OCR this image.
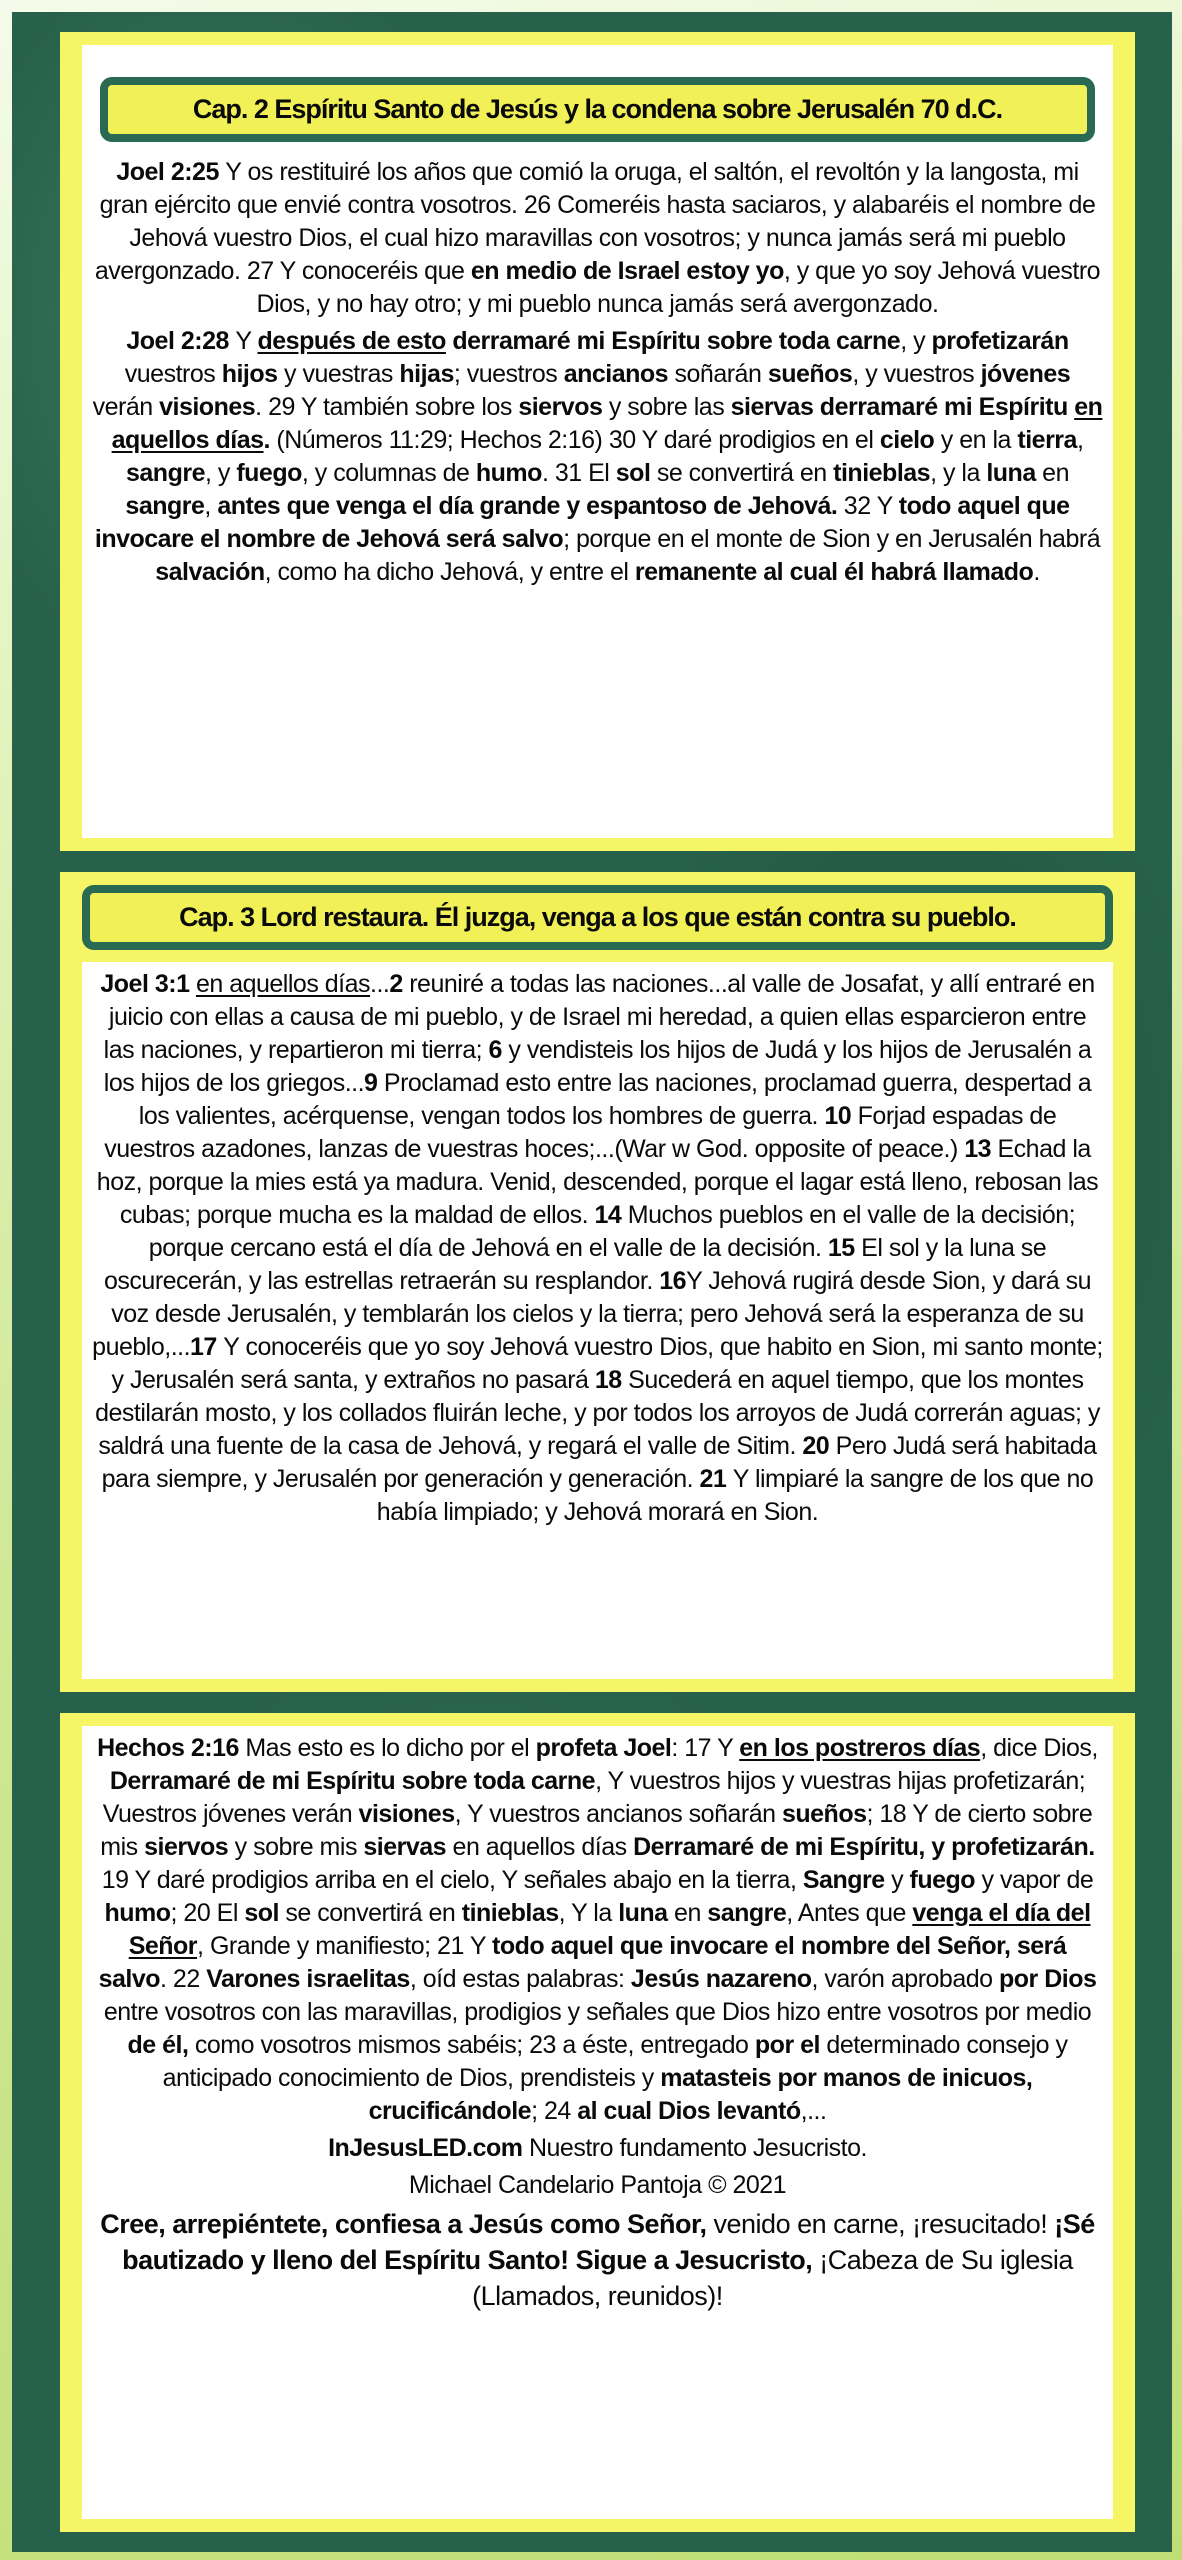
Cap. 2 Espíritu Santo de Jesús y la condena sobre Jerusalén 70 d.C.

Joel 2:25 Y os restituiré los años que comió la oruga, el saltón, el revoltón y la langosta, mi gran ejército que envié contra vosotros. 26 Comeréis hasta saciaros, y alabaréis el nombre de Jehová vuestro Dios, el cual hizo maravillas con vosotros; y nunca jamás será mi pueblo avergonzado. 27 Y conoceréis que en medio de Israel estoy yo, y que yo soy Jehová vuestro Dios, y no hay otro; y mi pueblo nunca jamás será avergonzado.

Joel 2:28 Y después de esto derramaré mi Espíritu sobre toda carne, y profetizarán vuestros hijos y vuestras hijas; vuestros ancianos soñarán sueños, y vuestros jóvenes verán visiones. 29 Y también sobre los siervos y sobre las siervas derramaré mi Espíritu en aquellos días. (Números 11:29; Hechos 2:16) 30 Y daré prodigios en el cielo y en la tierra, sangre, y fuego, y columnas de humo. 31 El sol se convertirá en tinieblas, y la luna en sangre, antes que venga el día grande y espantoso de Jehová. 32 Y todo aquel que invocare el nombre de Jehová será salvo; porque en el monte de Sion y en Jerusalén habrá salvación, como ha dicho Jehová, y entre el remanente al cual él habrá llamado.

Cap. 3 Lord restaura. Él juzga, venga a los que están contra su pueblo.

Joel 3:1 en aquellos días...2 reuniré a todas las naciones...al valle de Josafat, y allí entraré en juicio con ellas a causa de mi pueblo, y de Israel mi heredad, a quien ellas esparcieron entre las naciones, y repartieron mi tierra; 6 y vendisteis los hijos de Judá y los hijos de Jerusalén a los hijos de los griegos...9 Proclamad esto entre las naciones, proclamad guerra, despertad a los valientes, acérquense, vengan todos los hombres de guerra. 10 Forjad espadas de vuestros azadones, lanzas de vuestras hoces;...(War w God. opposite of peace.) 13 Echad la hoz, porque la mies está ya madura. Venid, descended, porque el lagar está lleno, rebosan las cubas; porque mucha es la maldad de ellos. 14 Muchos pueblos en el valle de la decisión; porque cercano está el día de Jehová en el valle de la decisión. 15 El sol y la luna se oscurecerán, y las estrellas retraerán su resplandor. 16Y Jehová rugirá desde Sion, y dará su voz desde Jerusalén, y temblarán los cielos y la tierra; pero Jehová será la esperanza de su pueblo,...17 Y conoceréis que yo soy Jehová vuestro Dios, que habito en Sion, mi santo monte; y Jerusalén será santa, y extraños no pasará 18 Sucederá en aquel tiempo, que los montes destilarán mosto, y los collados fluirán leche, y por todos los arroyos de Judá correrán aguas; y saldrá una fuente de la casa de Jehová, y regará el valle de Sitim. 20 Pero Judá será habitada para siempre, y Jerusalén por generación y generación. 21 Y limpiaré la sangre de los que no había limpiado; y Jehová morará en Sion.

Hechos 2:16 Mas esto es lo dicho por el profeta Joel: 17 Y en los postreros días, dice Dios, Derramaré de mi Espíritu sobre toda carne, Y vuestros hijos y vuestras hijas profetizarán; Vuestros jóvenes verán visiones, Y vuestros ancianos soñarán sueños; 18 Y de cierto sobre mis siervos y sobre mis siervas en aquellos días Derramaré de mi Espíritu, y profetizarán. 19 Y daré prodigios arriba en el cielo, Y señales abajo en la tierra, Sangre y fuego y vapor de humo; 20 El sol se convertirá en tinieblas, Y la luna en sangre, Antes que venga el día del Señor, Grande y manifiesto; 21 Y todo aquel que invocare el nombre del Señor, será salvo. 22 Varones israelitas, oíd estas palabras: Jesús nazareno, varón aprobado por Dios entre vosotros con las maravillas, prodigios y señales que Dios hizo entre vosotros por medio de él, como vosotros mismos sabéis; 23 a éste, entregado por el determinado consejo y anticipado conocimiento de Dios, prendisteis y matasteis por manos de inicuos, crucificándole; 24 al cual Dios levantó,...

InJesusLED.com Nuestro fundamento Jesucristo.

Michael Candelario Pantoja © 2021

Cree, arrepiéntete, confiesa a Jesús como Señor, venido en carne, ¡resucitado! ¡Sé bautizado y lleno del Espíritu Santo! Sigue a Jesucristo, ¡Cabeza de Su iglesia (Llamados, reunidos)!
